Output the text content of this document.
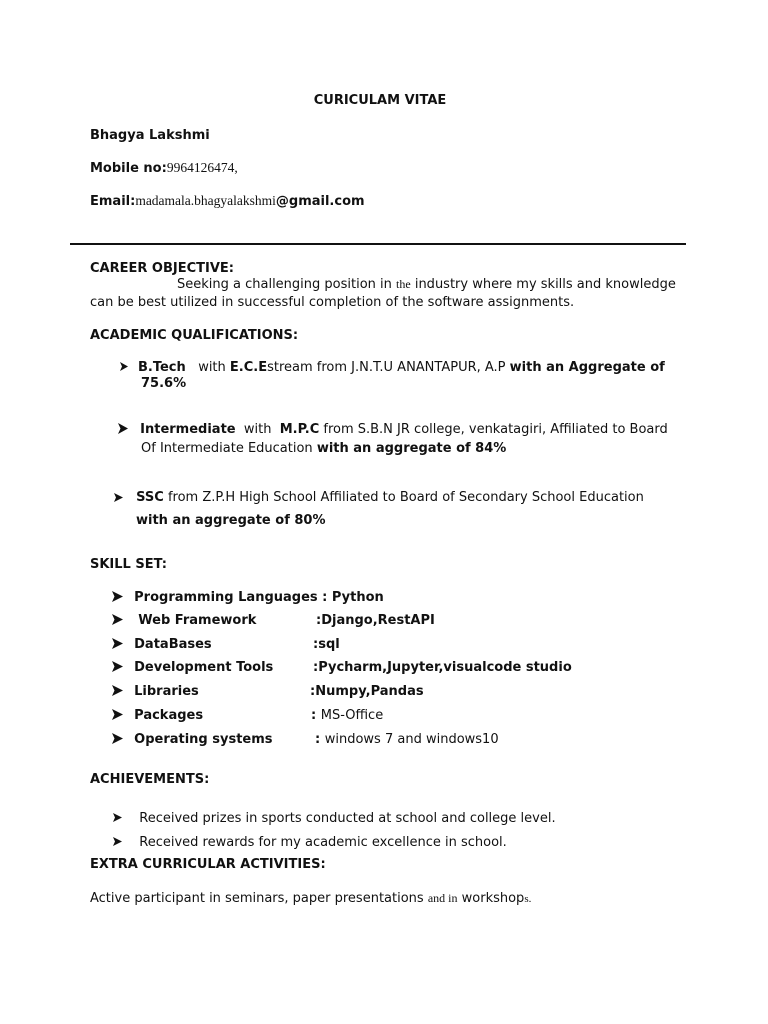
CURICULAM VITAE
Bhagya Lakshmi
Mobile no:9964126474,
Email:madamala.bhagyalakshmi@gmail.com
CAREER OBJECTIVE:
Seeking a challenging position in the industry where my skills and knowledge
can be best utilized in successful completion of the software assignments.
ACADEMIC QUALIFICATIONS:
B.Tech with E.C.Estream from J.N.T.U ANANTAPUR, A.P with an Aggregate of
75.6%
Intermediate with  M.P.C from S.B.N JR college, venkatagiri, Affiliated to Board
Of Intermediate Education with an aggregate of 84%
SSC from Z.P.H High School Affiliated to Board of Secondary School Education
with an aggregate of 80%
SKILL SET:
Programming Languages : Python
Web Framework	:Django,RestAPI
DataBases	:sql
Development Tools	:Pycharm,Jupyter,visualcode studio
Libraries	:Numpy,Pandas
Packages	: MS-Office
Operating systems	: windows 7 and windows10
ACHIEVEMENTS:
Received prizes in sports conducted at school and college level.
Received rewards for my academic excellence in school.
EXTRA CURRICULAR ACTIVITIES:
Active participant in seminars, paper presentations and in workshops.
